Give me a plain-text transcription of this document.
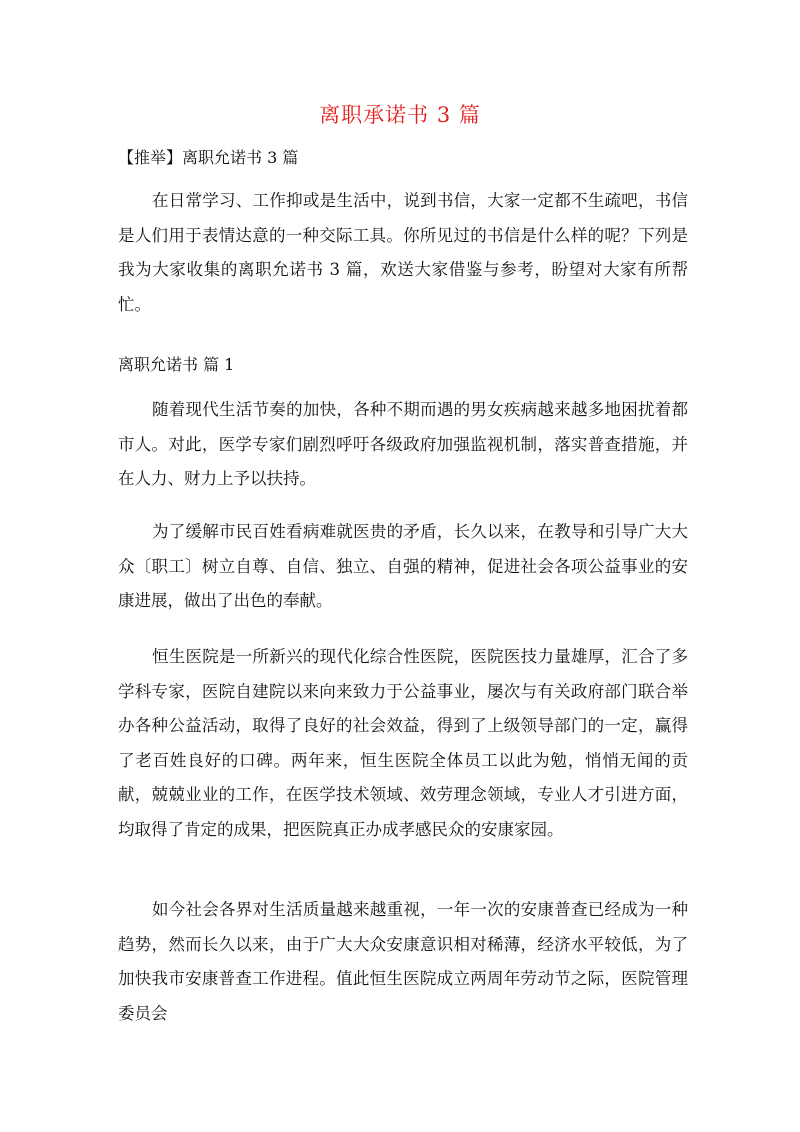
离职承诺书 3 篇
【推举】离职允诺书 3 篇

在日常学习、工作抑或是生活中，说到书信，大家一定都不生疏吧，书信是人们用于表情达意的一种交际工具。你所见过的书信是什么样的呢？下列是我为大家收集的离职允诺书 3 篇，欢送大家借鉴与参考，盼望对大家有所帮忙。

离职允诺书 篇 1

随着现代生活节奏的加快，各种不期而遇的男女疾病越来越多地困扰着都市人。对此，医学专家们剧烈呼吁各级政府加强监视机制，落实普查措施，并在人力、财力上予以扶持。

为了缓解市民百姓看病难就医贵的矛盾，长久以来，在教导和引导广大大众〔职工〕树立自尊、自信、独立、自强的精神，促进社会各项公益事业的安康进展，做出了出色的奉献。

恒生医院是一所新兴的现代化综合性医院，医院医技力量雄厚，汇合了多学科专家，医院自建院以来向来致力于公益事业，屡次与有关政府部门联合举办各种公益活动，取得了良好的社会效益，得到了上级领导部门的一定，赢得了老百姓良好的口碑。两年来，恒生医院全体员工以此为勉，悄悄无闻的贡献，兢兢业业的工作，在医学技术领域、效劳理念领域，专业人才引进方面，均取得了肯定的成果，把医院真正办成孝感民众的安康家园。

如今社会各界对生活质量越来越重视，一年一次的安康普查已经成为一种趋势，然而长久以来，由于广大大众安康意识相对稀薄，经济水平较低，为了加快我市安康普查工作进程。值此恒生医院成立两周年劳动节之际，医院管理委员会
